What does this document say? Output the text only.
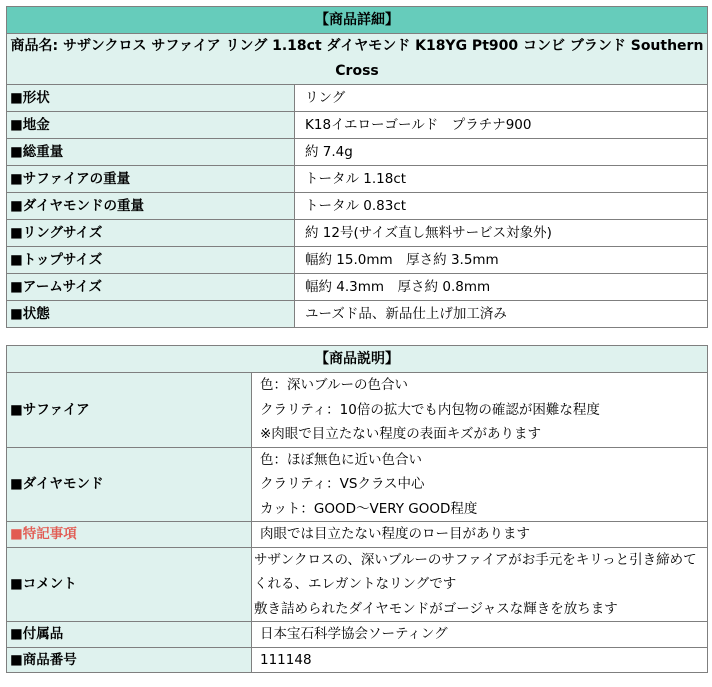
【商品詳細】	
商品名: サザンクロス サファイア リング 1.18ct ダイヤモンド K18YG Pt900 コンビ ブランド Southern Cross	
■形状	リング
■地金	K18イエローゴールド　プラチナ900
■総重量	約 7.4g
■サファイアの重量	トータル 1.18ct
■ダイヤモンドの重量	トータル 0.83ct
■リングサイズ	約 12号(サイズ直し無料サービス対象外)
■トップサイズ	幅約 15.0mm　厚さ約 3.5mm
■アームサイズ	幅約 4.3mm　厚さ約 0.8mm
■状態	ユーズド品、新品仕上げ加工済み
【商品説明】	
■サファイア	色：深いブルーの色合い
クラリティ：10倍の拡大でも内包物の確認が困難な程度
※肉眼で目立たない程度の表面キズがあります

■ダイヤモンド	色：ほぼ無色に近い色合い
クラリティ：VSクラス中心
カット：GOOD～VERY GOOD程度

■特記事項	肉眼では目立たない程度のロー目があります
■コメント	サザンクロスの、深いブルーのサファイアがお手元をキリっと引き締めてくれる、エレガントなリングです
敷き詰められたダイヤモンドがゴージャスな輝きを放ちます

■付属品	日本宝石科学協会ソーティング
■商品番号	111148
